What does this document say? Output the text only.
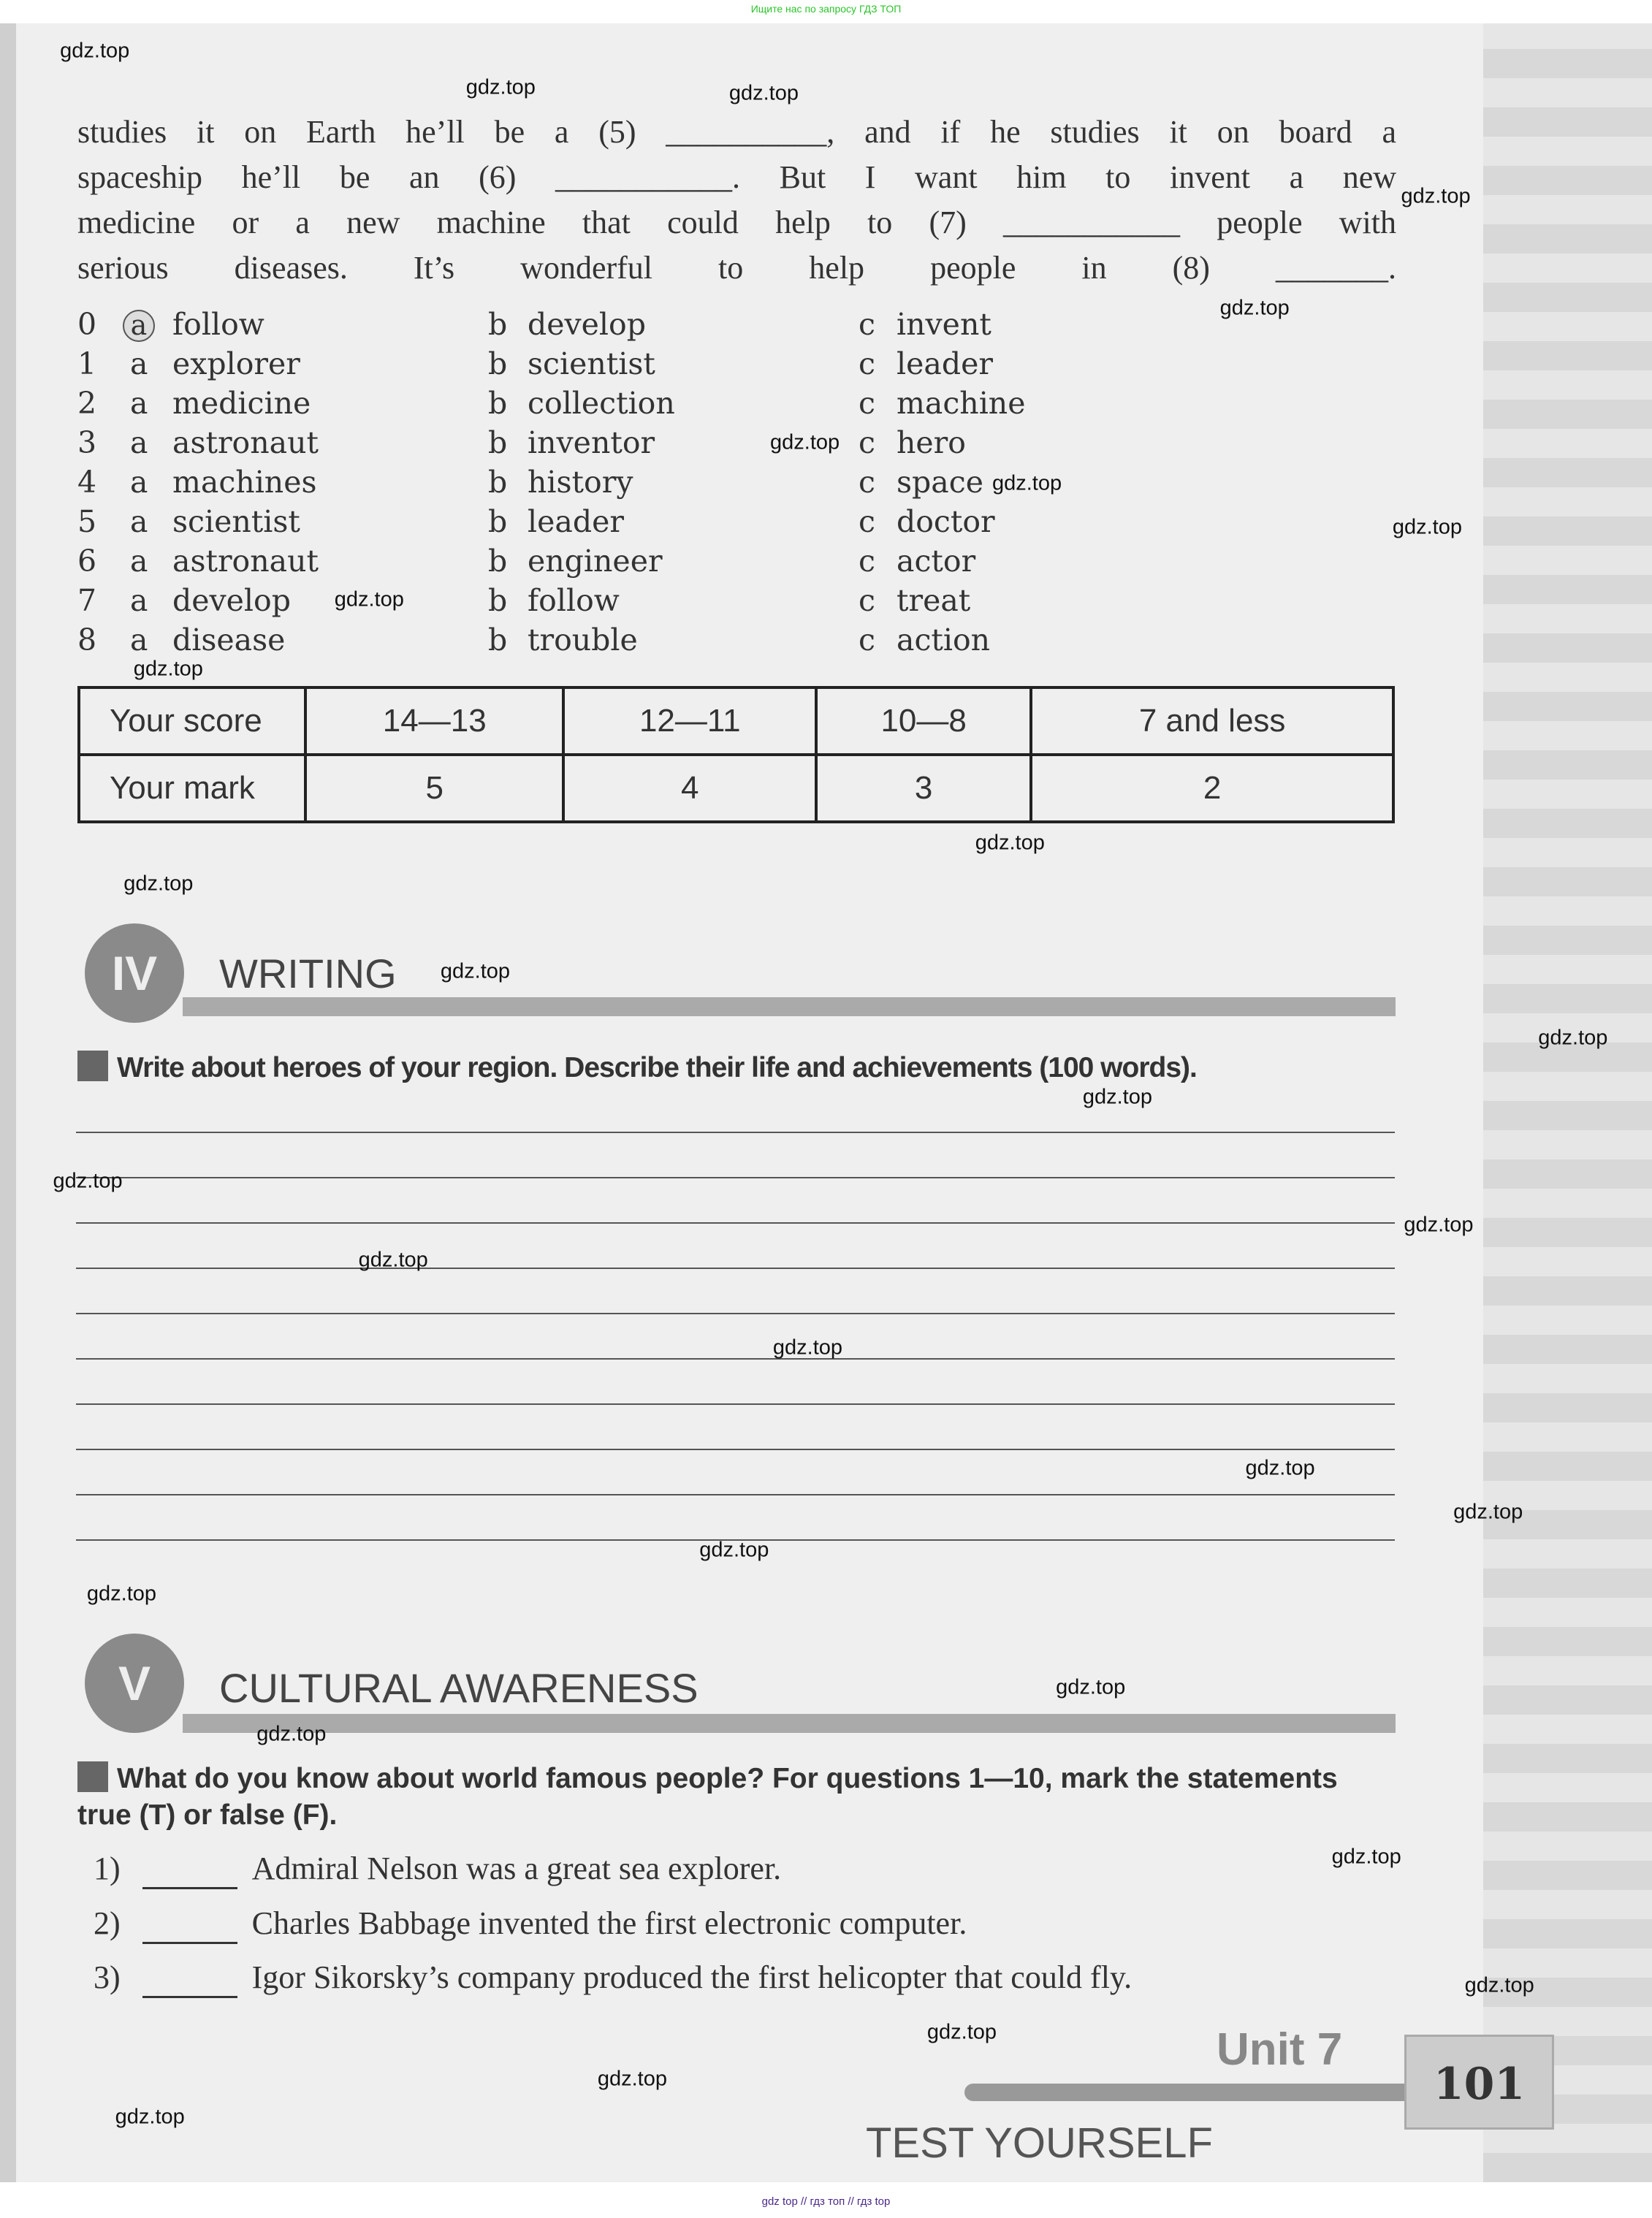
Ищите нас по запросу ГДЗ ТОП
studies it on Earth he’ll be a (5) __________, and if he studies it on board a
spaceship he’ll be an (6) ___________. But I want him to invent a new
medicine or a new machine that could help to (7) ___________ people with
serious diseases. It’s wonderful to help people in (8) _______.
0 a follow	b develop	c invent
1 a explorer	b scientist	c leader
2 a medicine	b collection	c machine
3 a astronaut	b inventor	c hero
4 a machines	b history	c space
5 a scientist	b leader	c doctor
6 a astronaut	b engineer	c actor
7 a develop	b follow	c treat
8 a disease	b trouble	c action
Your score	14—13	12—11	10—8	7 and less
Your mark	5	4	3	2
IV	WRITING
Write about heroes of your region. Describe their life and achievements (100 words).
V	CULTURAL AWARENESS
What do you know about world famous people? For questions 1—10, mark the statements true (T) or false (F).
1)	Admiral Nelson was a great sea explorer.
2)	Charles Babbage invented the first electronic computer.
3)	Igor Sikorsky’s company produced the first helicopter that could fly.
Unit 7
101
TEST YOURSELF
gdz.top
gdz.top	gdz.top
gdz.top
gdz.top
gdz.top
gdz.top
gdz.top
gdz.top
gdz.top
gdz.top
gdz.top
gdz.top
gdz.top
gdz.top
gdz.top
gdz.top
gdz.top
gdz.top
gdz.top
gdz.top
gdz.top
gdz.top
gdz.top
gdz.top
gdz.top
gdz.top
gdz.top
gdz.top
gdz.top
gdz top // гдз топ // гдз top
